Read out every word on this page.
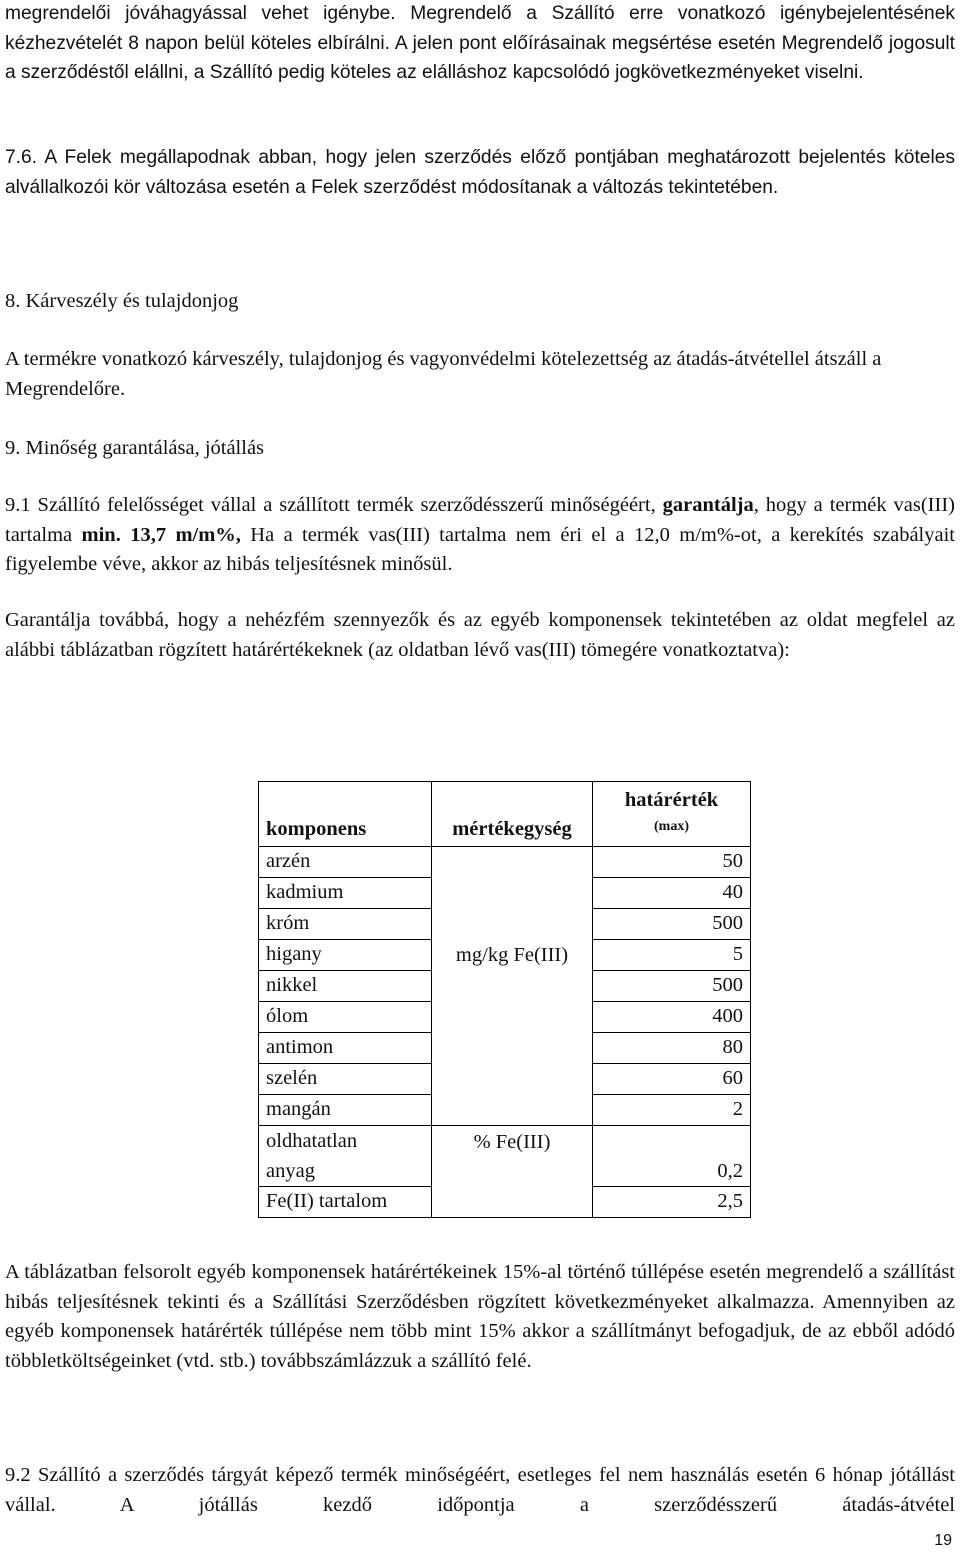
megrendelői jóváhagyással vehet igénybe. Megrendelő a Szállító erre vonatkozó igénybejelentésének kézhezvételét 8 napon belül köteles elbírálni. A jelen pont előírásainak megsértése esetén Megrendelő jogosult a szerződéstől elállni, a Szállító pedig köteles az elálláshoz kapcsolódó jogkövetkezményeket viselni.

7.6. A Felek megállapodnak abban, hogy jelen szerződés előző pontjában meghatározott bejelentés köteles alvállalkozói kör változása esetén a Felek szerződést módosítanak a változás tekintetében.

8. Kárveszély és tulajdonjog

A termékre vonatkozó kárveszély, tulajdonjog és vagyonvédelmi kötelezettség az átadás-átvétellel átszáll a Megrendelőre.

9. Minőség garantálása, jótállás

9.1 Szállító felelősséget vállal a szállított termék szerződésszerű minőségéért, garantálja, hogy a termék vas(III) tartalma min. 13,7 m/m%, Ha a termék vas(III) tartalma nem éri el a 12,0 m/m%-ot, a kerekítés szabályait figyelembe véve, akkor az hibás teljesítésnek minősül.

Garantálja továbbá, hogy a nehézfém szennyezők és az egyéb komponensek tekintetében az oldat megfelel az alábbi táblázatban rögzített határértékeknek (az oldatban lévő vas(III) tömegére vonatkoztatva):

A táblázatban felsorolt egyéb komponensek határértékeinek 15%-al történő túllépése esetén megrendelő a szállítást hibás teljesítésnek tekinti és a Szállítási Szerződésben rögzített következményeket alkalmazza. Amennyiben az egyéb komponensek határérték túllépése nem több mint 15% akkor a szállítmányt befogadjuk, de az ebből adódó többletköltségeinket (vtd. stb.) továbbszámlázzuk a szállító felé.

9.2 Szállító a szerződés tárgyát képező termék minőségéért, esetleges fel nem használás esetén 6 hónap jótállást vállal. A jótállás kezdő időpontja a szerződésszerű átadás-átvétel

komponens	mértékegység	határérték
(max)

arzén	mg/kg Fe(III)	50
kadmium		40
króm		500
higany		5
nikkel		500
ólom		400
antimon		80
szelén		60
mangán		2

oldhatatlan
anyag	% Fe(III)	0,2
Fe(II) tartalom		2,5
19
